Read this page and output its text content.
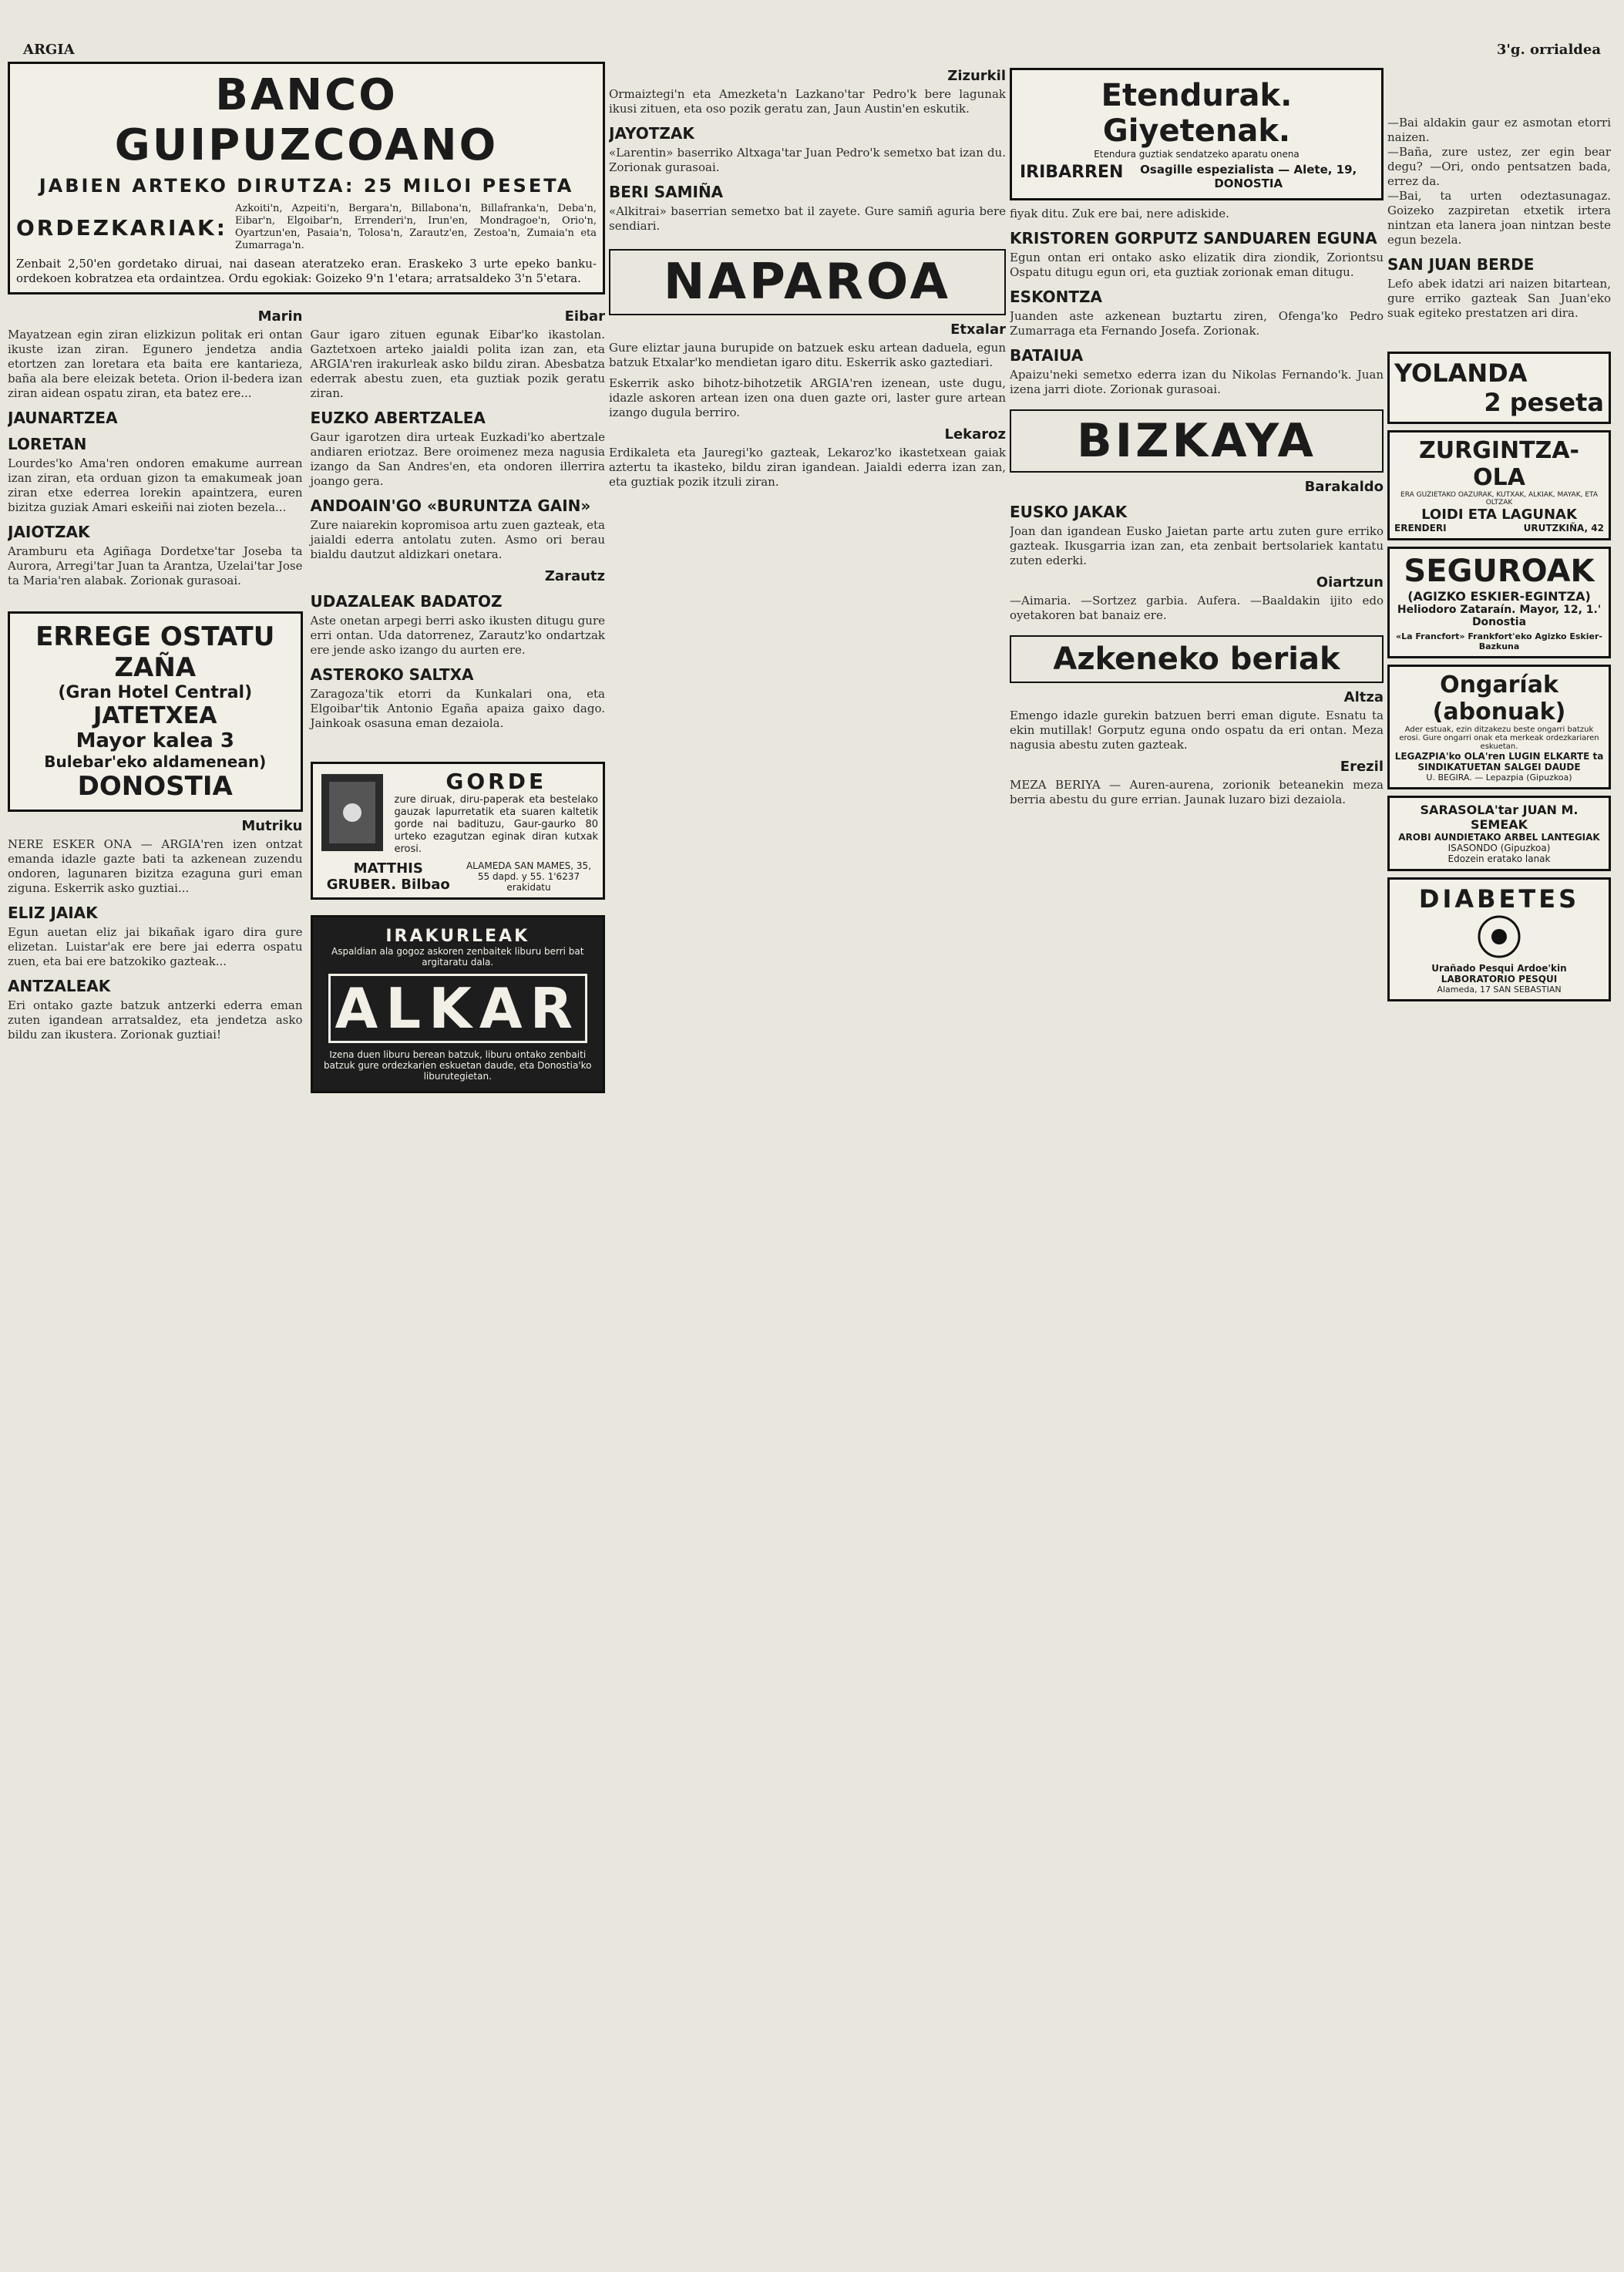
ARGIA	3'g. orrialdea
BANCO GUIPUZCOANO
JABIEN ARTEKO DIRUTZA: 25 MILOI PESETA
ORDEZKARIAK:
Azkoiti'n, Azpeiti'n, Bergara'n, Billabona'n, Billafranka'n, Deba'n, Eibar'n, Elgoibar'n, Errenderi'n, Irun'en, Mondragoe'n, Orio'n, Oyartzun'en, Pasaia'n, Tolosa'n, Zarautz'en, Zestoa'n, Zumaia'n eta Zumarraga'n.
Zenbait 2,50'en gordetako diruai, nai dasean ateratzeko eran. Eraskeko 3 urte epeko banku-ordekoen kobratzea eta ordaintzea. Ordu egokiak: Goizeko 9'n 1'etara; arratsaldeko 3'n 5'etara.
Marin
Mayatzean egin ziran elizkizun politak eri ontan ikuste izan ziran. Egunero jendetza andia etortzen zan loretara eta baita ere kantarieza, baña ala bere eleizak beteta. Orion il-bedera izan ziran aidean ospatu ziran, eta batez ere...
JAUNARTZEA
LORETAN
Lourdes'ko Ama'ren ondoren emakume aurrean izan ziran, eta orduan gizon ta emakumeak joan ziran etxe ederrea lorekin apaintzera, euren bizitza guziak Amari eskeiñi nai zioten bezela...
JAIOTZAK
Aramburu eta Agiñaga Dordetxe'tar Joseba ta Aurora, Arregi'tar Juan ta Arantza, Uzelai'tar Jose ta Maria'ren alabak. Zorionak gurasoai.
ERREGE OSTATU ZAÑA
(Gran Hotel Central)
JATETXEA
Mayor kalea 3
Bulebar'eko aldamenean)
DONOSTIA
Mutriku
NERE ESKER ONA — ARGIA'ren izen ontzat emanda idazle gazte bati ta azkenean zuzendu ondoren, lagunaren bizitza ezaguna guri eman ziguna. Eskerrik asko guztiai...
ELIZ JAIAK
Egun auetan eliz jai bikañak igaro dira gure elizetan. Luistar'ak ere bere jai ederra ospatu zuen, eta bai ere batzokiko gazteak...
ANTZALEAK
Eri ontako gazte batzuk antzerki ederra eman zuten igandean arratsaldez, eta jendetza asko bildu zan ikustera. Zorionak guztiai!
Eibar
Gaur igaro zituen egunak Eibar'ko ikastolan. Gaztetxoen arteko jaialdi polita izan zan, eta ARGIA'ren irakurleak asko bildu ziran. Abesbatza ederrak abestu zuen, eta guztiak pozik geratu ziran.
EUZKO ABERTZALEA
Gaur igarotzen dira urteak Euzkadi'ko abertzale andiaren eriotzaz. Bere oroimenez meza nagusia izango da San Andres'en, eta ondoren illerrira joango gera.
ANDOAIN'GO «BURUNTZA GAIN»
Zure naiarekin kopromisoa artu zuen gazteak, eta jaialdi ederra antolatu zuten. Asmo ori berau bialdu dautzut aldizkari onetara.
Zarautz
UDAZALEAK BADATOZ
Aste onetan arpegi berri asko ikusten ditugu gure erri ontan. Uda datorrenez, Zarautz'ko ondartzak ere jende asko izango du aurten ere.
ASTEROKO SALTXA
Zaragoza'tik etorri da Kunkalari ona, eta Elgoibar'tik Antonio Egaña apaiza gaixo dago. Jainkoak osasuna eman dezaiola.
GORDE
zure diruak, diru-paperak eta bestelako gauzak lapurretatik eta suaren kaltetik gorde nai badituzu, Gaur-gaurko 80 urteko ezagutzan eginak diran kutxak erosi.
MATTHIS GRUBER. Bilbao
ALAMEDA SAN MAMES, 35, 55 dapd. y 55. 1'6237 erakidatu
IRAKURLEAK
Aspaldian ala gogoz askoren zenbaitek liburu berri bat argitaratu dala.
ALKAR
Izena duen liburu berean batzuk, liburu ontako zenbaiti batzuk gure ordezkarien eskuetan daude, eta Donostia'ko liburutegietan.
Zizurkil
Ormaiztegi'n eta Amezketa'n Lazkano'tar Pedro'k bere lagunak ikusi zituen, eta oso pozik geratu zan, Jaun Austin'en eskutik.
JAYOTZAK
«Larentin» baserriko Altxaga'tar Juan Pedro'k semetxo bat izan du. Zorionak gurasoai.
BERI SAMIÑA
«Alkitrai» baserrian semetxo bat il zayete. Gure samiñ aguria bere sendiari.
NAPAROA
Etxalar
Gure eliztar jauna burupide on batzuek esku artean daduela, egun batzuk Etxalar'ko mendietan igaro ditu. Eskerrik asko gaztediari.
Eskerrik asko bihotz-bihotzetik ARGIA'ren izenean, uste dugu, idazle askoren artean izen ona duen gazte ori, laster gure artean izango dugula berriro.
Lekaroz
Erdikaleta eta Jauregi'ko gazteak, Lekaroz'ko ikastetxean gaiak aztertu ta ikasteko, bildu ziran igandean. Jaialdi ederra izan zan, eta guztiak pozik itzuli ziran.
Etendurak. Giyetenak.
Etendura guztiak sendatzeko aparatu onena
IRIBARREN	Osagille espezialista — Alete, 19, DONOSTIA
fiyak ditu. Zuk ere bai, nere adiskide.
KRISTOREN GORPUTZ SANDUAREN EGUNA
Egun ontan eri ontako asko elizatik dira ziondik, Zoriontsu Ospatu ditugu egun ori, eta guztiak zorionak eman ditugu.
ESKONTZA
Juanden aste azkenean buztartu ziren, Ofenga'ko Pedro Zumarraga eta Fernando Josefa. Zorionak.
BATAIUA
Apaizu'neki semetxo ederra izan du Nikolas Fernando'k. Juan izena jarri diote. Zorionak gurasoai.
BIZKAYA
Barakaldo
EUSKO JAKAK
Joan dan igandean Eusko Jaietan parte artu zuten gure erriko gazteak. Ikusgarria izan zan, eta zenbait bertsolariek kantatu zuten ederki.
Oiartzun
—Aimaria. —Sortzez garbia. Aufera. —Baaldakin ijito edo oyetakoren bat banaiz ere.
Azkeneko beriak
Altza
Emengo idazle gurekin batzuen berri eman digute. Esnatu ta ekin mutillak! Gorputz eguna ondo ospatu da eri ontan. Meza nagusia abestu zuten gazteak.
Erezil
MEZA BERIYA — Auren-aurena, zorionik beteanekin meza berria abestu du gure errian. Jaunak luzaro bizi dezaiola.
—Bai aldakin gaur ez asmotan etorri naizen.
—Baña, zure ustez, zer egin bear degu? —Ori, ondo pentsatzen bada, errez da.
—Bai, ta urten odeztasunagaz. Goizeko zazpiretan etxetik irtera nintzan eta lanera joan nintzan beste egun bezela.
SAN JUAN BERDE
Lefo abek idatzi ari naizen bitartean, gure erriko gazteak San Juan'eko suak egiteko prestatzen ari dira.
YOLANDA
2 peseta
ZURGINTZA-OLA
ERA GUZIETAKO OAZURAK, KUTXAK, ALKIAK, MAYAK, ETA OLTZAK
LOIDI ETA LAGUNAK
ERENDERI	URUTZKIÑA, 42
SEGUROAK
(AGIZKO ESKIER-EGINTZA)
Heliodoro Zataraín. Mayor, 12, 1.' Donostia
«La Francfort» Frankfort'eko Agizko Eskier-Bazkuna
Ongaríak (abonuak)
Ader estuak, ezin ditzakezu beste ongarri batzuk erosi. Gure ongarri onak eta merkeak ordezkariaren eskuetan.
LEGAZPIA'ko OLA'ren LUGIN ELKARTE ta SINDIKATUETAN SALGEI DAUDE
U. BEGIRA. — Lepazpia (Gipuzkoa)
SARASOLA'tar JUAN M. SEMEAK
AROBI AUNDIETAKO ARBEL LANTEGIAK
ISASONDO (Gipuzkoa)
Edozein eratako lanak
DIABETES
Urañado Pesqui Ardoe'kin
LABORATORIO PESQUI
Alameda, 17 SAN SEBASTIAN
